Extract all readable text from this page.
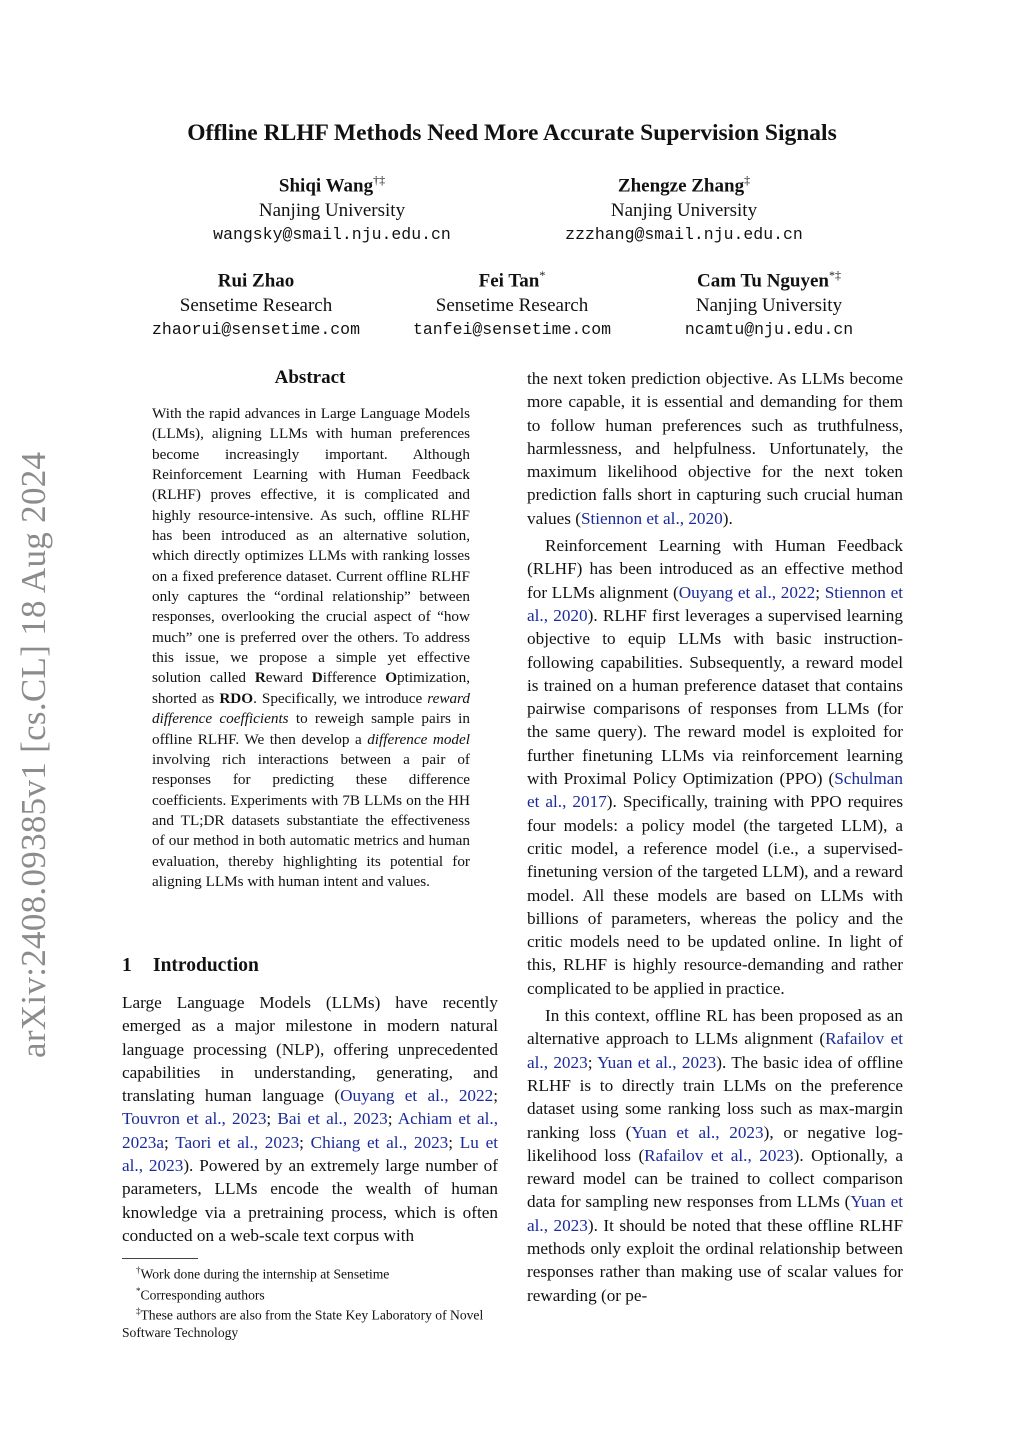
arXiv:2408.09385v1 [cs.CL] 18 Aug 2024
Offline RLHF Methods Need More Accurate Supervision Signals
Shiqi Wang†‡
Nanjing University
wangsky@smail.nju.edu.cn
Zhengze Zhang‡
Nanjing University
zzzhang@smail.nju.edu.cn
Rui Zhao
Sensetime Research
zhaorui@sensetime.com
Fei Tan*
Sensetime Research
tanfei@sensetime.com
Cam Tu Nguyen*‡
Nanjing University
ncamtu@nju.edu.cn
Abstract

With the rapid advances in Large Language Models (LLMs), aligning LLMs with human preferences become increasingly important. Although Reinforcement Learning with Human Feedback (RLHF) proves effective, it is complicated and highly resource-intensive. As such, offline RLHF has been introduced as an alternative solution, which directly optimizes LLMs with ranking losses on a fixed preference dataset. Current offline RLHF only captures the “ordinal relationship” between responses, overlooking the crucial aspect of “how much” one is preferred over the others. To address this issue, we propose a simple yet effective solution called Reward Difference Optimization, shorted as RDO. Specifically, we introduce reward difference coefficients to reweigh sample pairs in offline RLHF. We then develop a difference model involving rich interactions between a pair of responses for predicting these difference coefficients. Experiments with 7B LLMs on the HH and TL;DR datasets substantiate the effectiveness of our method in both automatic metrics and human evaluation, thereby highlighting its potential for aligning LLMs with human intent and values.

1 Introduction

Large Language Models (LLMs) have recently emerged as a major milestone in modern natural language processing (NLP), offering unprecedented capabilities in understanding, generating, and translating human language (Ouyang et al., 2022; Touvron et al., 2023; Bai et al., 2023; Achiam et al., 2023a; Taori et al., 2023; Chiang et al., 2023; Lu et al., 2023). Powered by an extremely large number of parameters, LLMs encode the wealth of human knowledge via a pretraining process, which is often conducted on a web-scale text corpus with

†Work done during the internship at Sensetime

*Corresponding authors

‡These authors are also from the State Key Laboratory of Novel Software Technology

the next token prediction objective. As LLMs become more capable, it is essential and demanding for them to follow human preferences such as truthfulness, harmlessness, and helpfulness. Unfortunately, the maximum likelihood objective for the next token prediction falls short in capturing such crucial human values (Stiennon et al., 2020).

Reinforcement Learning with Human Feedback (RLHF) has been introduced as an effective method for LLMs alignment (Ouyang et al., 2022; Stiennon et al., 2020). RLHF first leverages a supervised learning objective to equip LLMs with basic instruction-following capabilities. Subsequently, a reward model is trained on a human preference dataset that contains pairwise comparisons of responses from LLMs (for the same query). The reward model is exploited for further finetuning LLMs via reinforcement learning with Proximal Policy Optimization (PPO) (Schulman et al., 2017). Specifically, training with PPO requires four models: a policy model (the targeted LLM), a critic model, a reference model (i.e., a supervised-finetuning version of the targeted LLM), and a reward model. All these models are based on LLMs with billions of parameters, whereas the policy and the critic models need to be updated online. In light of this, RLHF is highly resource-demanding and rather complicated to be applied in practice.

In this context, offline RL has been proposed as an alternative approach to LLMs alignment (Rafailov et al., 2023; Yuan et al., 2023). The basic idea of offline RLHF is to directly train LLMs on the preference dataset using some ranking loss such as max-margin ranking loss (Yuan et al., 2023), or negative log-likelihood loss (Rafailov et al., 2023). Optionally, a reward model can be trained to collect comparison data for sampling new responses from LLMs (Yuan et al., 2023). It should be noted that these offline RLHF methods only exploit the ordinal relationship between responses rather than making use of scalar values for rewarding (or pe-
